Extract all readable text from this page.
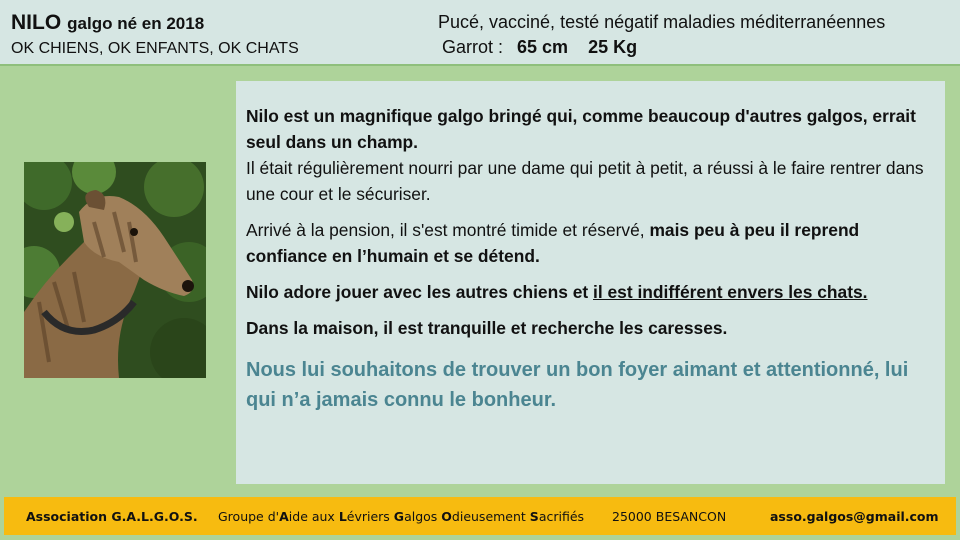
NILO galgo né en 2018
OK CHIENS, OK ENFANTS, OK CHATS
Pucé, vacciné, testé négatif maladies méditerranéennes
Garrot : 65 cm 25 Kg

Nilo est un magnifique galgo bringé qui, comme beaucoup d'autres galgos, errait seul dans un champ.
Il était régulièrement nourri par une dame qui petit à petit, a réussi à le faire rentrer dans une cour et le sécuriser.

Arrivé à la pension, il s'est montré timide et réservé, mais peu à peu il reprend confiance en l’humain et se détend.

Nilo adore jouer avec les autres chiens et il est indifférent envers les chats.

Dans la maison, il est tranquille et recherche les caresses.

Nous lui souhaitons de trouver un bon foyer aimant et attentionné, lui qui n’a jamais connu le bonheur.
Association G.A.L.G.O.S. Groupe d'Aide aux Lévriers Galgos Odieusement Sacrifiés 25000 BESANCON	asso.galgos@gmail.com
